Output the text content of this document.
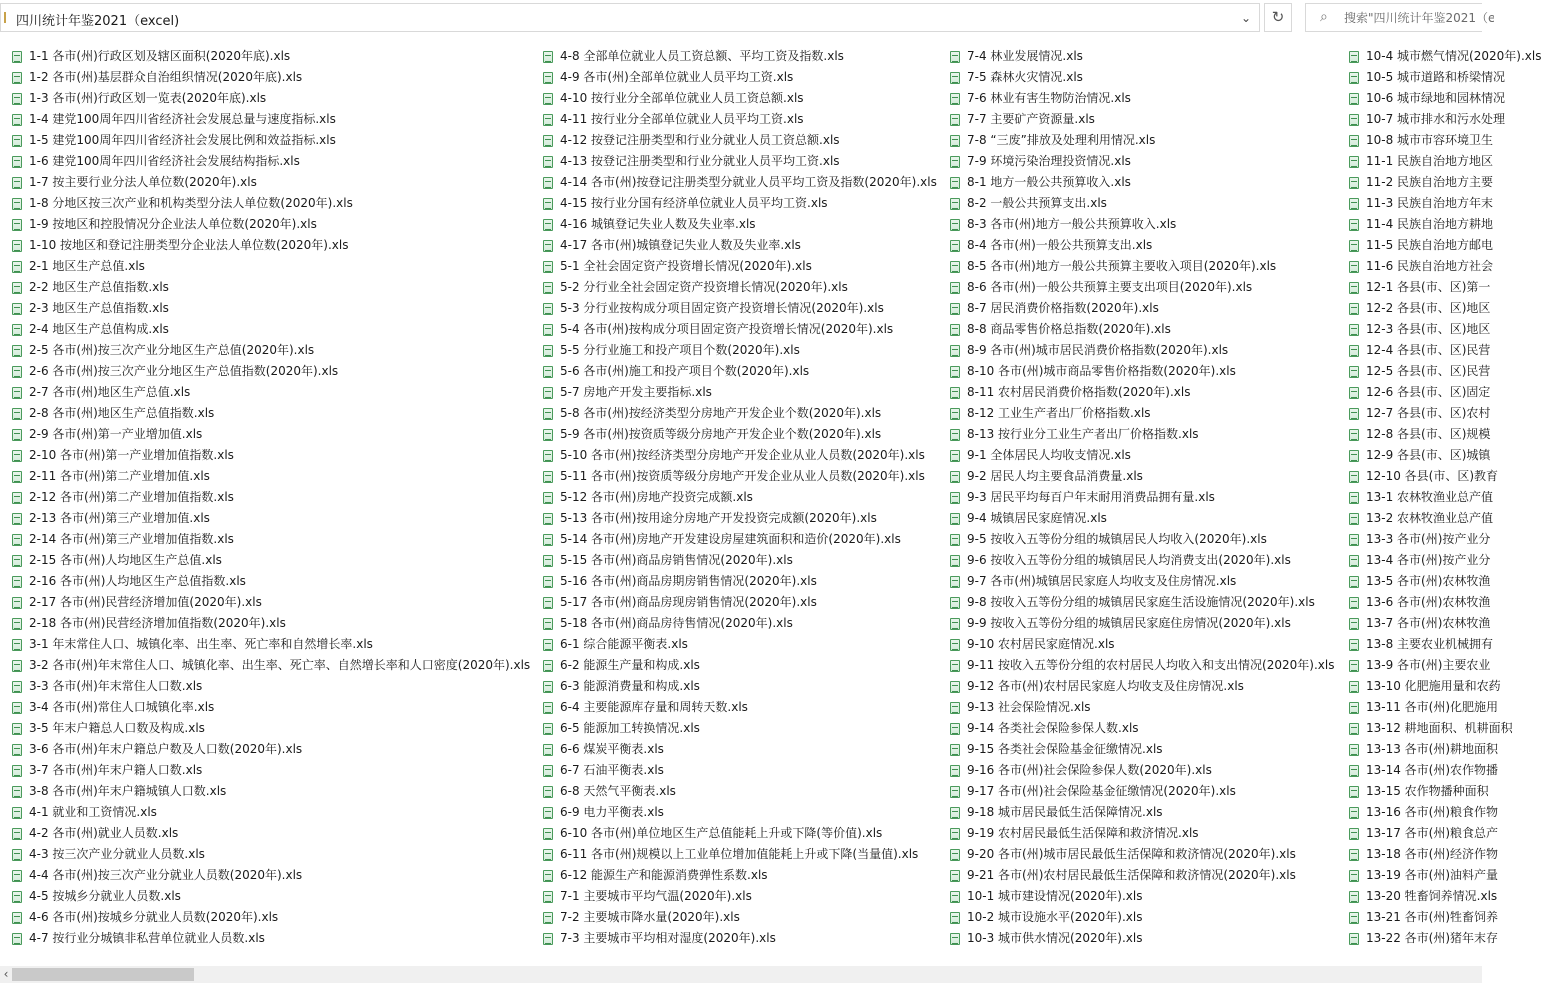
四川统计年鉴2021（excel)	⌄	↻	⌕
搜索"四川统计年鉴2021（excel)"
1-1 各市(州)行政区划及辖区面积(2020年底).xls
1-2 各市(州)基层群众自治组织情况(2020年底).xls
1-3 各市(州)行政区划一览表(2020年底).xls
1-4 建党100周年四川省经济社会发展总量与速度指标.xls
1-5 建党100周年四川省经济社会发展比例和效益指标.xls
1-6 建党100周年四川省经济社会发展结构指标.xls
1-7 按主要行业分法人单位数(2020年).xls
1-8 分地区按三次产业和机构类型分法人单位数(2020年).xls
1-9 按地区和控股情况分企业法人单位数(2020年).xls
1-10 按地区和登记注册类型分企业法人单位数(2020年).xls
2-1 地区生产总值.xls
2-2 地区生产总值指数.xls
2-3 地区生产总值指数.xls
2-4 地区生产总值构成.xls
2-5 各市(州)按三次产业分地区生产总值(2020年).xls
2-6 各市(州)按三次产业分地区生产总值指数(2020年).xls
2-7 各市(州)地区生产总值.xls
2-8 各市(州)地区生产总值指数.xls
2-9 各市(州)第一产业增加值.xls
2-10 各市(州)第一产业增加值指数.xls
2-11 各市(州)第二产业增加值.xls
2-12 各市(州)第二产业增加值指数.xls
2-13 各市(州)第三产业增加值.xls
2-14 各市(州)第三产业增加值指数.xls
2-15 各市(州)人均地区生产总值.xls
2-16 各市(州)人均地区生产总值指数.xls
2-17 各市(州)民营经济增加值(2020年).xls
2-18 各市(州)民营经济增加值指数(2020年).xls
3-1 年末常住人口、城镇化率、出生率、死亡率和自然增长率.xls
3-2 各市(州)年末常住人口、城镇化率、出生率、死亡率、自然增长率和人口密度(2020年).xls
3-3 各市(州)年末常住人口数.xls
3-4 各市(州)常住人口城镇化率.xls
3-5 年末户籍总人口数及构成.xls
3-6 各市(州)年末户籍总户数及人口数(2020年).xls
3-7 各市(州)年末户籍人口数.xls
3-8 各市(州)年末户籍城镇人口数.xls
4-1 就业和工资情况.xls
4-2 各市(州)就业人员数.xls
4-3 按三次产业分就业人员数.xls
4-4 各市(州)按三次产业分就业人员数(2020年).xls
4-5 按城乡分就业人员数.xls
4-6 各市(州)按城乡分就业人员数(2020年).xls
4-7 按行业分城镇非私营单位就业人员数.xls
4-8 全部单位就业人员工资总额、平均工资及指数.xls
4-9 各市(州)全部单位就业人员平均工资.xls
4-10 按行业分全部单位就业人员工资总额.xls
4-11 按行业分全部单位就业人员平均工资.xls
4-12 按登记注册类型和行业分就业人员工资总额.xls
4-13 按登记注册类型和行业分就业人员平均工资.xls
4-14 各市(州)按登记注册类型分就业人员平均工资及指数(2020年).xls
4-15 按行业分国有经济单位就业人员平均工资.xls
4-16 城镇登记失业人数及失业率.xls
4-17 各市(州)城镇登记失业人数及失业率.xls
5-1 全社会固定资产投资增长情况(2020年).xls
5-2 分行业全社会固定资产投资增长情况(2020年).xls
5-3 分行业按构成分项目固定资产投资增长情况(2020年).xls
5-4 各市(州)按构成分项目固定资产投资增长情况(2020年).xls
5-5 分行业施工和投产项目个数(2020年).xls
5-6 各市(州)施工和投产项目个数(2020年).xls
5-7 房地产开发主要指标.xls
5-8 各市(州)按经济类型分房地产开发企业个数(2020年).xls
5-9 各市(州)按资质等级分房地产开发企业个数(2020年).xls
5-10 各市(州)按经济类型分房地产开发企业从业人员数(2020年).xls
5-11 各市(州)按资质等级分房地产开发企业从业人员数(2020年).xls
5-12 各市(州)房地产投资完成额.xls
5-13 各市(州)按用途分房地产开发投资完成额(2020年).xls
5-14 各市(州)房地产开发建设房屋建筑面积和造价(2020年).xls
5-15 各市(州)商品房销售情况(2020年).xls
5-16 各市(州)商品房期房销售情况(2020年).xls
5-17 各市(州)商品房现房销售情况(2020年).xls
5-18 各市(州)商品房待售情况(2020年).xls
6-1 综合能源平衡表.xls
6-2 能源生产量和构成.xls
6-3 能源消费量和构成.xls
6-4 主要能源库存量和周转天数.xls
6-5 能源加工转换情况.xls
6-6 煤炭平衡表.xls
6-7 石油平衡表.xls
6-8 天然气平衡表.xls
6-9 电力平衡表.xls
6-10 各市(州)单位地区生产总值能耗上升或下降(等价值).xls
6-11 各市(州)规模以上工业单位增加值能耗上升或下降(当量值).xls
6-12 能源生产和能源消费弹性系数.xls
7-1 主要城市平均气温(2020年).xls
7-2 主要城市降水量(2020年).xls
7-3 主要城市平均相对湿度(2020年).xls
7-4 林业发展情况.xls
7-5 森林火灾情况.xls
7-6 林业有害生物防治情况.xls
7-7 主要矿产资源量.xls
7-8 “三废”排放及处理利用情况.xls
7-9 环境污染治理投资情况.xls
8-1 地方一般公共预算收入.xls
8-2 一般公共预算支出.xls
8-3 各市(州)地方一般公共预算收入.xls
8-4 各市(州)一般公共预算支出.xls
8-5 各市(州)地方一般公共预算主要收入项目(2020年).xls
8-6 各市(州)一般公共预算主要支出项目(2020年).xls
8-7 居民消费价格指数(2020年).xls
8-8 商品零售价格总指数(2020年).xls
8-9 各市(州)城市居民消费价格指数(2020年).xls
8-10 各市(州)城市商品零售价格指数(2020年).xls
8-11 农村居民消费价格指数(2020年).xls
8-12 工业生产者出厂价格指数.xls
8-13 按行业分工业生产者出厂价格指数.xls
9-1 全体居民人均收支情况.xls
9-2 居民人均主要食品消费量.xls
9-3 居民平均每百户年末耐用消费品拥有量.xls
9-4 城镇居民家庭情况.xls
9-5 按收入五等份分组的城镇居民人均收入(2020年).xls
9-6 按收入五等份分组的城镇居民人均消费支出(2020年).xls
9-7 各市(州)城镇居民家庭人均收支及住房情况.xls
9-8 按收入五等份分组的城镇居民家庭生活设施情况(2020年).xls
9-9 按收入五等份分组的城镇居民家庭住房情况(2020年).xls
9-10 农村居民家庭情况.xls
9-11 按收入五等份分组的农村居民人均收入和支出情况(2020年).xls
9-12 各市(州)农村居民家庭人均收支及住房情况.xls
9-13 社会保险情况.xls
9-14 各类社会保险参保人数.xls
9-15 各类社会保险基金征缴情况.xls
9-16 各市(州)社会保险参保人数(2020年).xls
9-17 各市(州)社会保险基金征缴情况(2020年).xls
9-18 城市居民最低生活保障情况.xls
9-19 农村居民最低生活保障和救济情况.xls
9-20 各市(州)城市居民最低生活保障和救济情况(2020年).xls
9-21 各市(州)农村居民最低生活保障和救济情况(2020年).xls
10-1 城市建设情况(2020年).xls
10-2 城市设施水平(2020年).xls
10-3 城市供水情况(2020年).xls
10-4 城市燃气情况(2020年).xls
10-5 城市道路和桥梁情况
10-6 城市绿地和园林情况
10-7 城市排水和污水处理
10-8 城市市容环境卫生
11-1 民族自治地方地区
11-2 民族自治地方主要
11-3 民族自治地方年末
11-4 民族自治地方耕地
11-5 民族自治地方邮电
11-6 民族自治地方社会
12-1 各县(市、区)第一
12-2 各县(市、区)地区
12-3 各县(市、区)地区
12-4 各县(市、区)民营
12-5 各县(市、区)民营
12-6 各县(市、区)固定
12-7 各县(市、区)农村
12-8 各县(市、区)规模
12-9 各县(市、区)城镇
12-10 各县(市、区)教育
13-1 农林牧渔业总产值
13-2 农林牧渔业总产值
13-3 各市(州)按产业分
13-4 各市(州)按产业分
13-5 各市(州)农林牧渔
13-6 各市(州)农林牧渔
13-7 各市(州)农林牧渔
13-8 主要农业机械拥有
13-9 各市(州)主要农业
13-10 化肥施用量和农药
13-11 各市(州)化肥施用
13-12 耕地面积、机耕面积
13-13 各市(州)耕地面积
13-14 各市(州)农作物播
13-15 农作物播种面积
13-16 各市(州)粮食作物
13-17 各市(州)粮食总产
13-18 各市(州)经济作物
13-19 各市(州)油料产量
13-20 牲畜饲养情况.xls
13-21 各市(州)牲畜饲养
13-22 各市(州)猪年末存
‹
